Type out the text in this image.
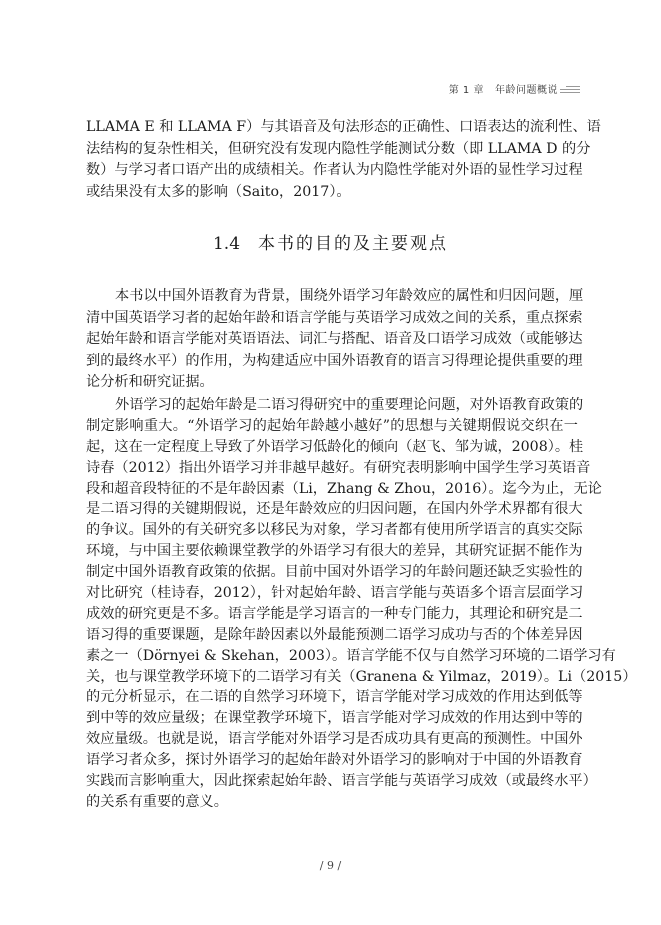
第 1 章 年龄问题概说
LLAMA E 和 LLAMA F）与其语音及句法形态的正确性、口语表达的流利性、语
法结构的复杂性相关，但研究没有发现内隐性学能测试分数（即 LLAMA D 的分
数）与学习者口语产出的成绩相关。作者认为内隐性学能对外语的显性学习过程
或结果没有太多的影响（Saito，2017）。
1.4 本书的目的及主要观点
本书以中国外语教育为背景，围绕外语学习年龄效应的属性和归因问题，厘
清中国英语学习者的起始年龄和语言学能与英语学习成效之间的关系，重点探索
起始年龄和语言学能对英语语法、词汇与搭配、语音及口语学习成效（或能够达
到的最终水平）的作用，为构建适应中国外语教育的语言习得理论提供重要的理
论分析和研究证据。
外语学习的起始年龄是二语习得研究中的重要理论问题，对外语教育政策的
制定影响重大。“外语学习的起始年龄越小越好”的思想与关键期假说交织在一
起，这在一定程度上导致了外语学习低龄化的倾向（赵飞、邹为诚，2008）。桂
诗春（2012）指出外语学习并非越早越好。有研究表明影响中国学生学习英语音
段和超音段特征的不是年龄因素（Li，Zhang & Zhou，2016）。迄今为止，无论
是二语习得的关键期假说，还是年龄效应的归因问题，在国内外学术界都有很大
的争议。国外的有关研究多以移民为对象，学习者都有使用所学语言的真实交际
环境，与中国主要依赖课堂教学的外语学习有很大的差异，其研究证据不能作为
制定中国外语教育政策的依据。目前中国对外语学习的年龄问题还缺乏实验性的
对比研究（桂诗春，2012），针对起始年龄、语言学能与英语多个语言层面学习
成效的研究更是不多。语言学能是学习语言的一种专门能力，其理论和研究是二
语习得的重要课题，是除年龄因素以外最能预测二语学习成功与否的个体差异因
素之一（Dörnyei & Skehan，2003）。语言学能不仅与自然学习环境的二语学习有
关，也与课堂教学环境下的二语学习有关（Granena & Yilmaz，2019）。Li（2015）
的元分析显示，在二语的自然学习环境下，语言学能对学习成效的作用达到低等
到中等的效应量级；在课堂教学环境下，语言学能对学习成效的作用达到中等的
效应量级。也就是说，语言学能对外语学习是否成功具有更高的预测性。中国外
语学习者众多，探讨外语学习的起始年龄对外语学习的影响对于中国的外语教育
实践而言影响重大，因此探索起始年龄、语言学能与英语学习成效（或最终水平）
的关系有重要的意义。
/ 9 /
